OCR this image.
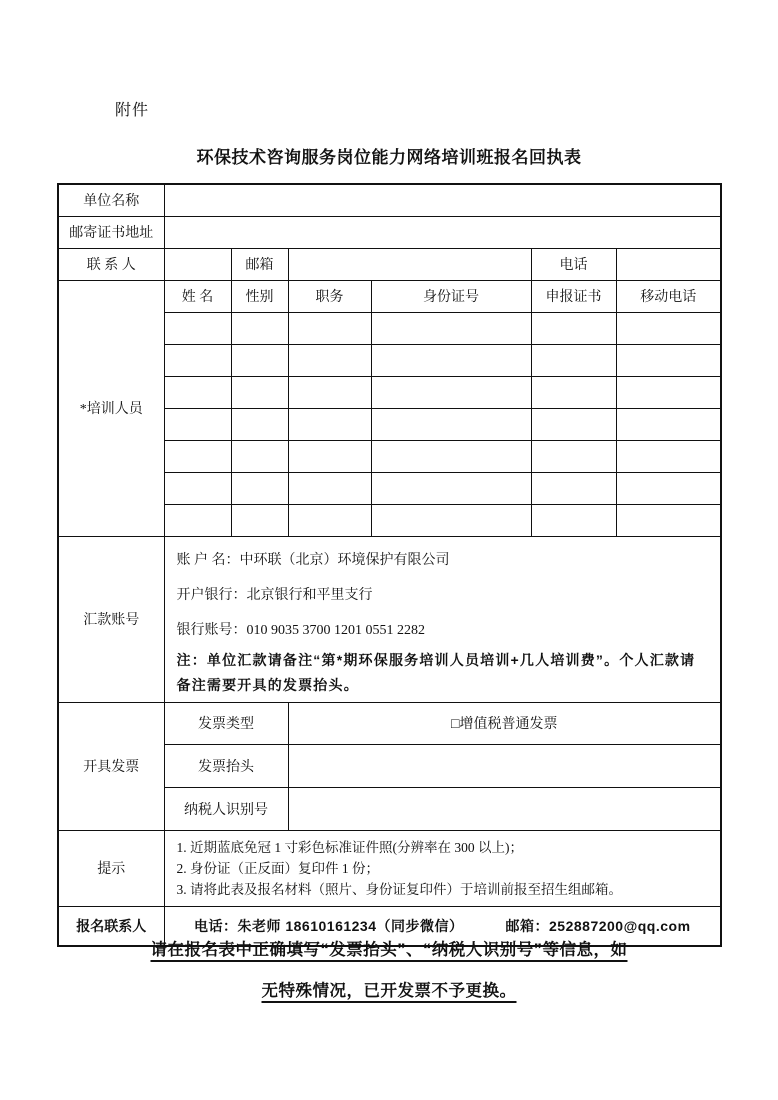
附件
环保技术咨询服务岗位能力网络培训班报名回执表
单位名称						
邮寄证书地址						
联 系 人		邮箱			电话	
*培训人员	姓 名	性别	职务	身份证号	申报证书	移动电话

汇款账号	账 户 名：中环联（北京）环境保护有限公司
开户银行：北京银行和平里支行
银行账号：010 9035 3700 1201 0551 2282
注：单位汇款请备注“第*期环保服务培训人员培训+几人培训费”。个人汇款请备注需要开具的发票抬头。					

开具发票	发票类型		□增值税普通发票			
	发票抬头					
	纳税人识别号					
提示	1. 近期蓝底免冠 1 寸彩色标准证件照(分辨率在 300 以上)；
2. 身份证（正反面）复印件 1 份；
3. 请将此表及报名材料（照片、身份证复印件）于培训前报至招生组邮箱。					

报名联系人	电话：朱老师 18610161234（同步微信） 邮箱：252887200@qq.com					
请在报名表中正确填写“发票抬头”、“纳税人识别号”等信息，如
无特殊情况，已开发票不予更换。
